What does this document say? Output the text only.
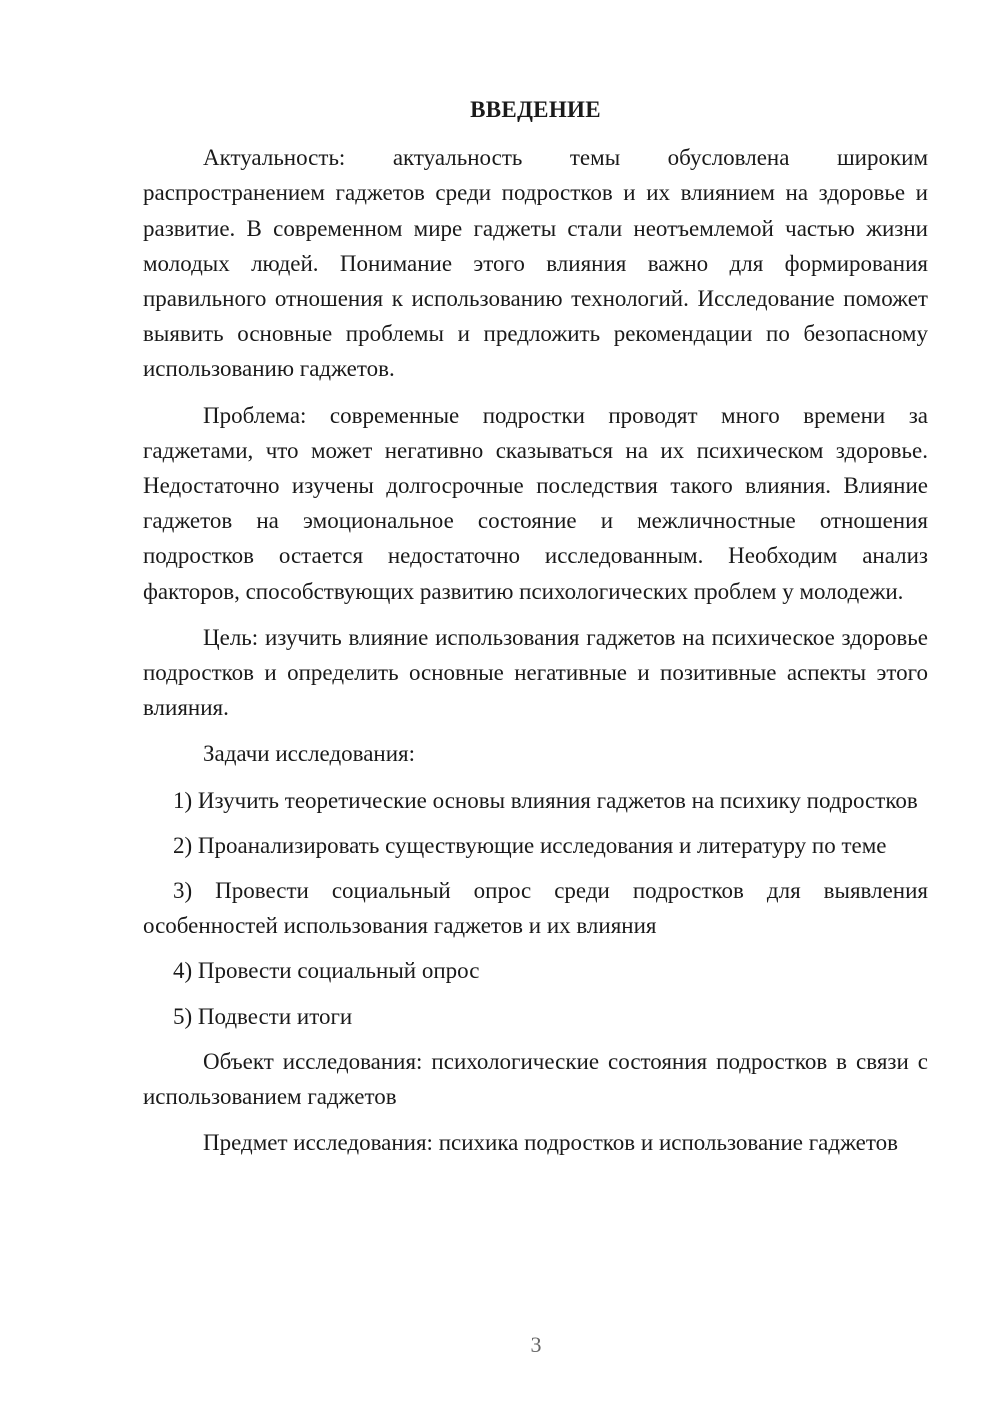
ВВЕДЕНИЕ

Актуальность: актуальность темы обусловлена широким распространением гаджетов среди подростков и их влиянием на здоровье и развитие. В современном мире гаджеты стали неотъемлемой частью жизни молодых людей. Понимание этого влияния важно для формирования правильного отношения к использованию технологий. Исследование поможет выявить основные проблемы и предложить рекомендации по безопасному использованию гаджетов.

Проблема: современные подростки проводят много времени за гаджетами, что может негативно сказываться на их психическом здоровье. Недостаточно изучены долгосрочные последствия такого влияния. Влияние гаджетов на эмоциональное состояние и межличностные отношения подростков остается недостаточно исследованным. Необходим анализ факторов, способствующих развитию психологических проблем у молодежи.

Цель: изучить влияние использования гаджетов на психическое здоровье подростков и определить основные негативные и позитивные аспекты этого влияния.

Задачи исследования:

1) Изучить теоретические основы влияния гаджетов на психику подростков

2) Проанализировать существующие исследования и литературу по теме

3) Провести социальный опрос среди подростков для выявления особенностей использования гаджетов и их влияния

4) Провести социальный опрос

5) Подвести итоги

Объект исследования: психологические состояния подростков в связи с использованием гаджетов

Предмет исследования: психика подростков и использование гаджетов

3
